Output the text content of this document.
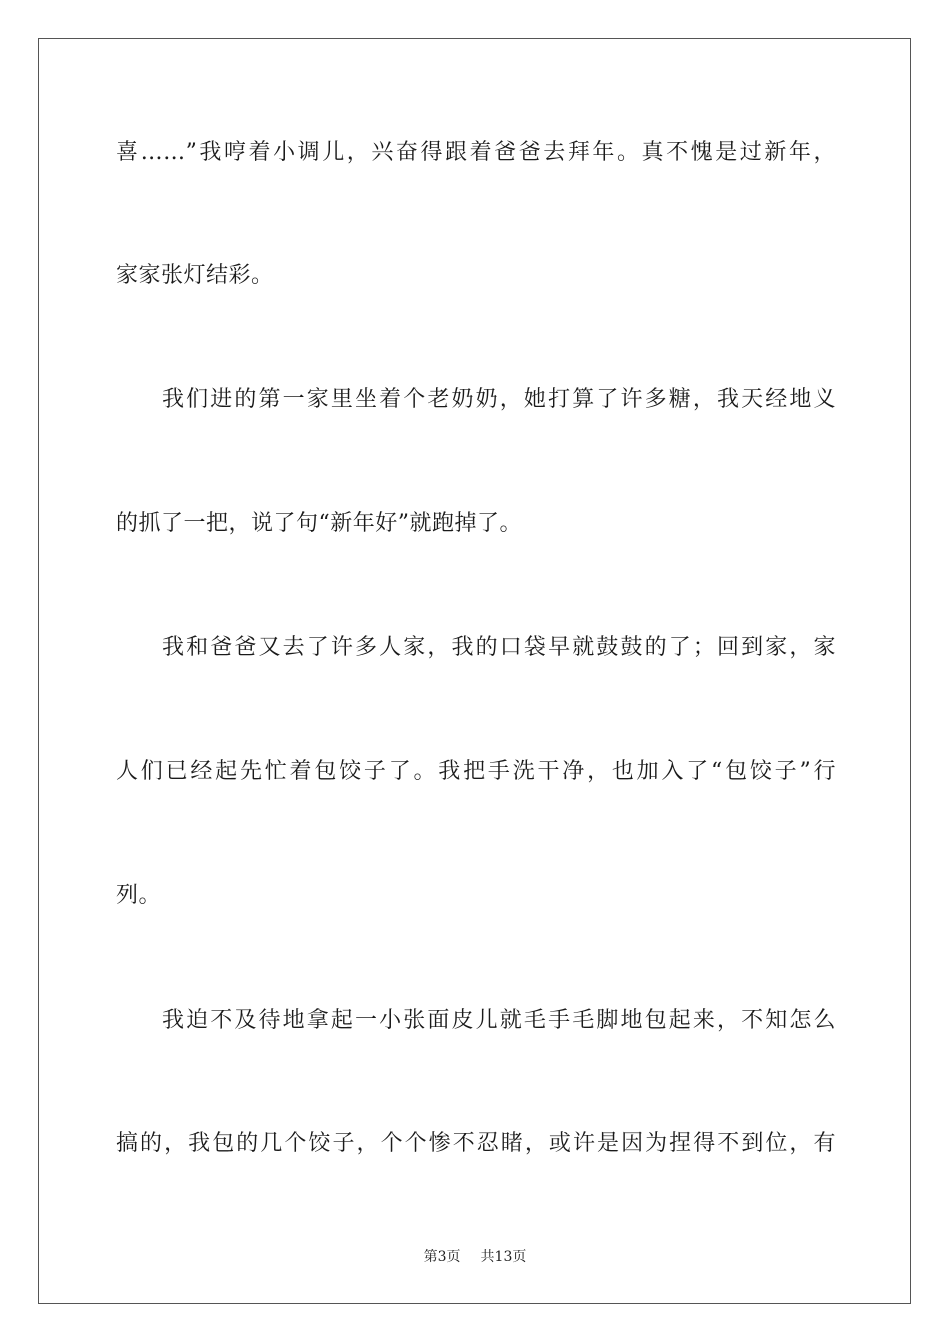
喜……”我哼着小调儿，兴奋得跟着爸爸去拜年。真不愧是过新年，
家家张灯结彩。
我们进的第一家里坐着个老奶奶，她打算了许多糖，我天经地义
的抓了一把，说了句“新年好”就跑掉了。
我和爸爸又去了许多人家，我的口袋早就鼓鼓的了；回到家，家
人们已经起先忙着包饺子了。我把手洗干净，也加入了“包饺子”行
列。
我迫不及待地拿起一小张面皮儿就毛手毛脚地包起来，不知怎么
搞的，我包的几个饺子，个个惨不忍睹，或许是因为捏得不到位，有
第3页 共13页
